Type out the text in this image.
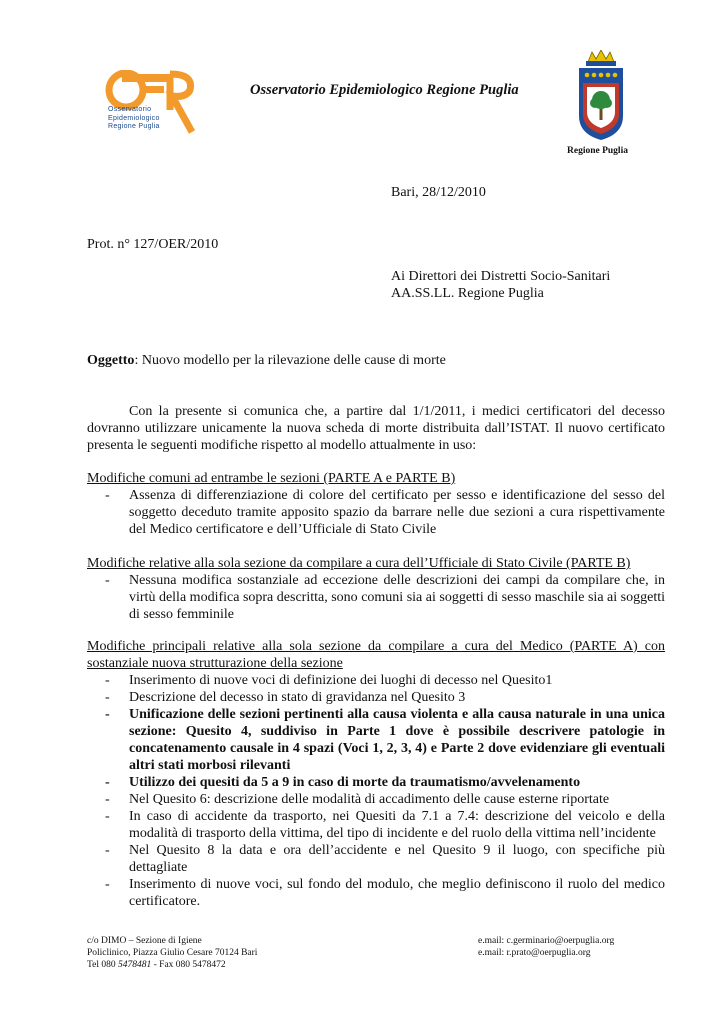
Osservatorio
Epidemiologico
Regione Puglia
Osservatorio Epidemiologico Regione Puglia
Regione Puglia
Bari, 28/12/2010
Prot. n° 127/OER/2010
Ai Direttori dei Distretti Socio-Sanitari
AA.SS.LL. Regione Puglia
Oggetto: Nuovo modello per la rilevazione delle cause di morte

Con la presente si comunica che, a partire dal 1/1/2011, i medici certificatori del decesso dovranno utilizzare unicamente la nuova scheda di morte distribuita dall’ISTAT. Il nuovo certificato presenta le seguenti modifiche rispetto al modello attualmente in uso:

Modifiche comuni ad entrambe le sezioni (PARTE A e PARTE B)
- Assenza di differenziazione di colore del certificato per sesso e identificazione del sesso del soggetto deceduto tramite apposito spazio da barrare nelle due sezioni a cura rispettivamente del Medico certificatore e dell’Ufficiale di Stato Civile
Modifiche relative alla sola sezione da compilare a cura dell’Ufficiale di Stato Civile (PARTE B)
- Nessuna modifica sostanziale ad eccezione delle descrizioni dei campi da compilare che, in virtù della modifica sopra descritta, sono comuni sia ai soggetti di sesso maschile sia ai soggetti di sesso femminile
Modifiche principali relative alla sola sezione da compilare a cura del Medico (PARTE A) con sostanziale nuova strutturazione della sezione
- Inserimento di nuove voci di definizione dei luoghi di decesso nel Quesito1
- Descrizione del decesso in stato di gravidanza nel Quesito 3
- Unificazione delle sezioni pertinenti alla causa violenta e alla causa naturale in una unica sezione: Quesito 4, suddiviso in Parte 1 dove è possibile descrivere patologie in concatenamento causale in 4 spazi (Voci 1, 2, 3, 4) e Parte 2 dove evidenziare gli eventuali altri stati morbosi rilevanti
- Utilizzo dei quesiti da 5 a 9 in caso di morte da traumatismo/avvelenamento
- Nel Quesito 6: descrizione delle modalità di accadimento delle cause esterne riportate
- In caso di accidente da trasporto, nei Quesiti da 7.1 a 7.4: descrizione del veicolo e della modalità di trasporto della vittima, del tipo di incidente e del ruolo della vittima nell’incidente
- Nel Quesito 8 la data e ora dell’accidente e nel Quesito 9 il luogo, con specifiche più dettagliate
- Inserimento di nuove voci, sul fondo del modulo, che meglio definiscono il ruolo del medico certificatore.
c/o DIMO – Sezione di Igiene
Policlinico, Piazza Giulio Cesare 70124 Bari
Tel 080 5478481 - Fax 080 5478472
e.mail: c.germinario@oerpuglia.org
e.mail: r.prato@oerpuglia.org
